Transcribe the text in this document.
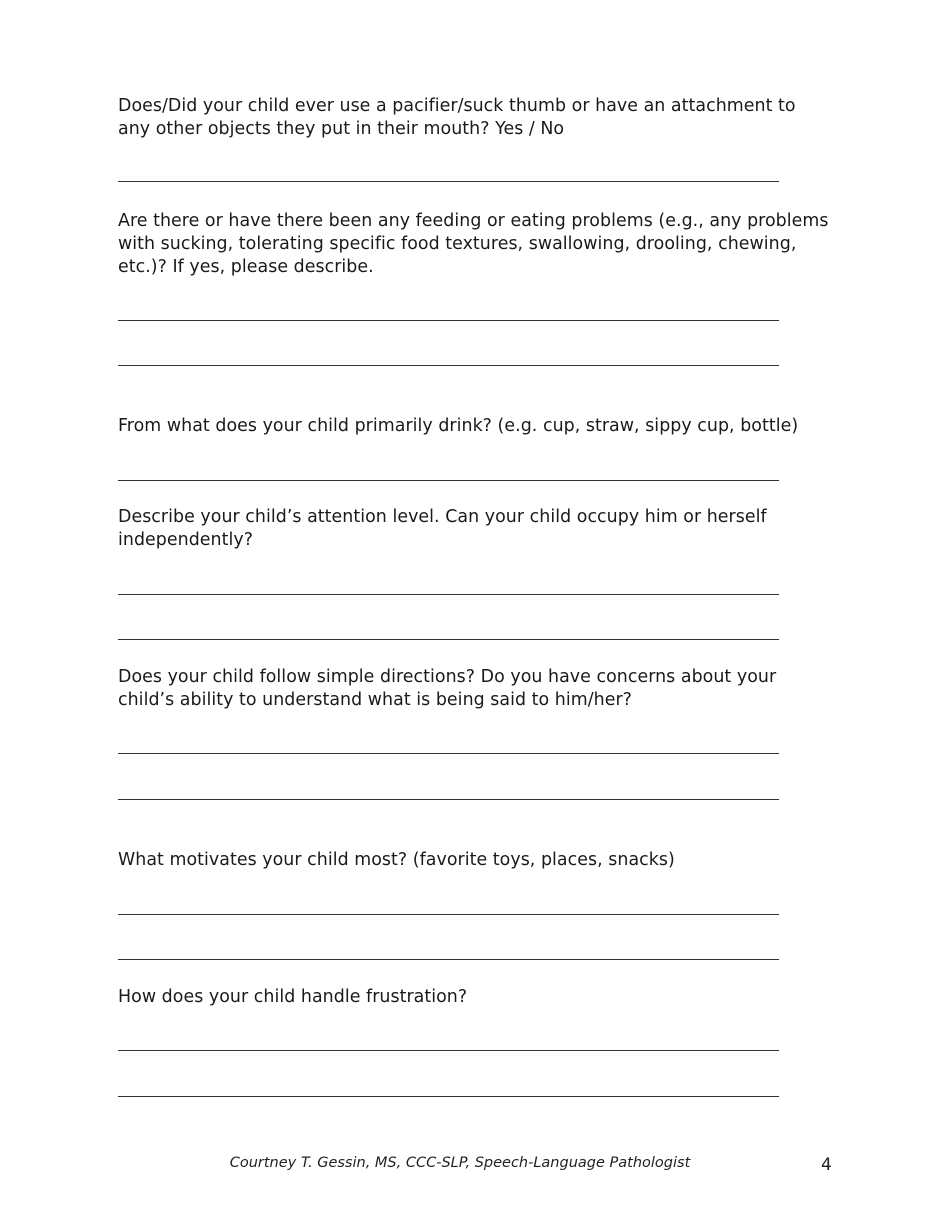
Does/Did your child ever use a pacifier/suck thumb or have an attachment to any other objects they put in their mouth? Yes / No

Are there or have there been any feeding or eating problems (e.g., any problems with sucking, tolerating specific food textures, swallowing, drooling, chewing, etc.)? If yes, please describe.

From what does your child primarily drink? (e.g. cup, straw, sippy cup, bottle)

Describe your child’s attention level. Can your child occupy him or herself independently?

Does your child follow simple directions? Do you have concerns about your child’s ability to understand what is being said to him/her?

What motivates your child most? (favorite toys, places, snacks)

How does your child handle frustration?

Courtney T. Gessin, MS, CCC-SLP, Speech-Language Pathologist	4
